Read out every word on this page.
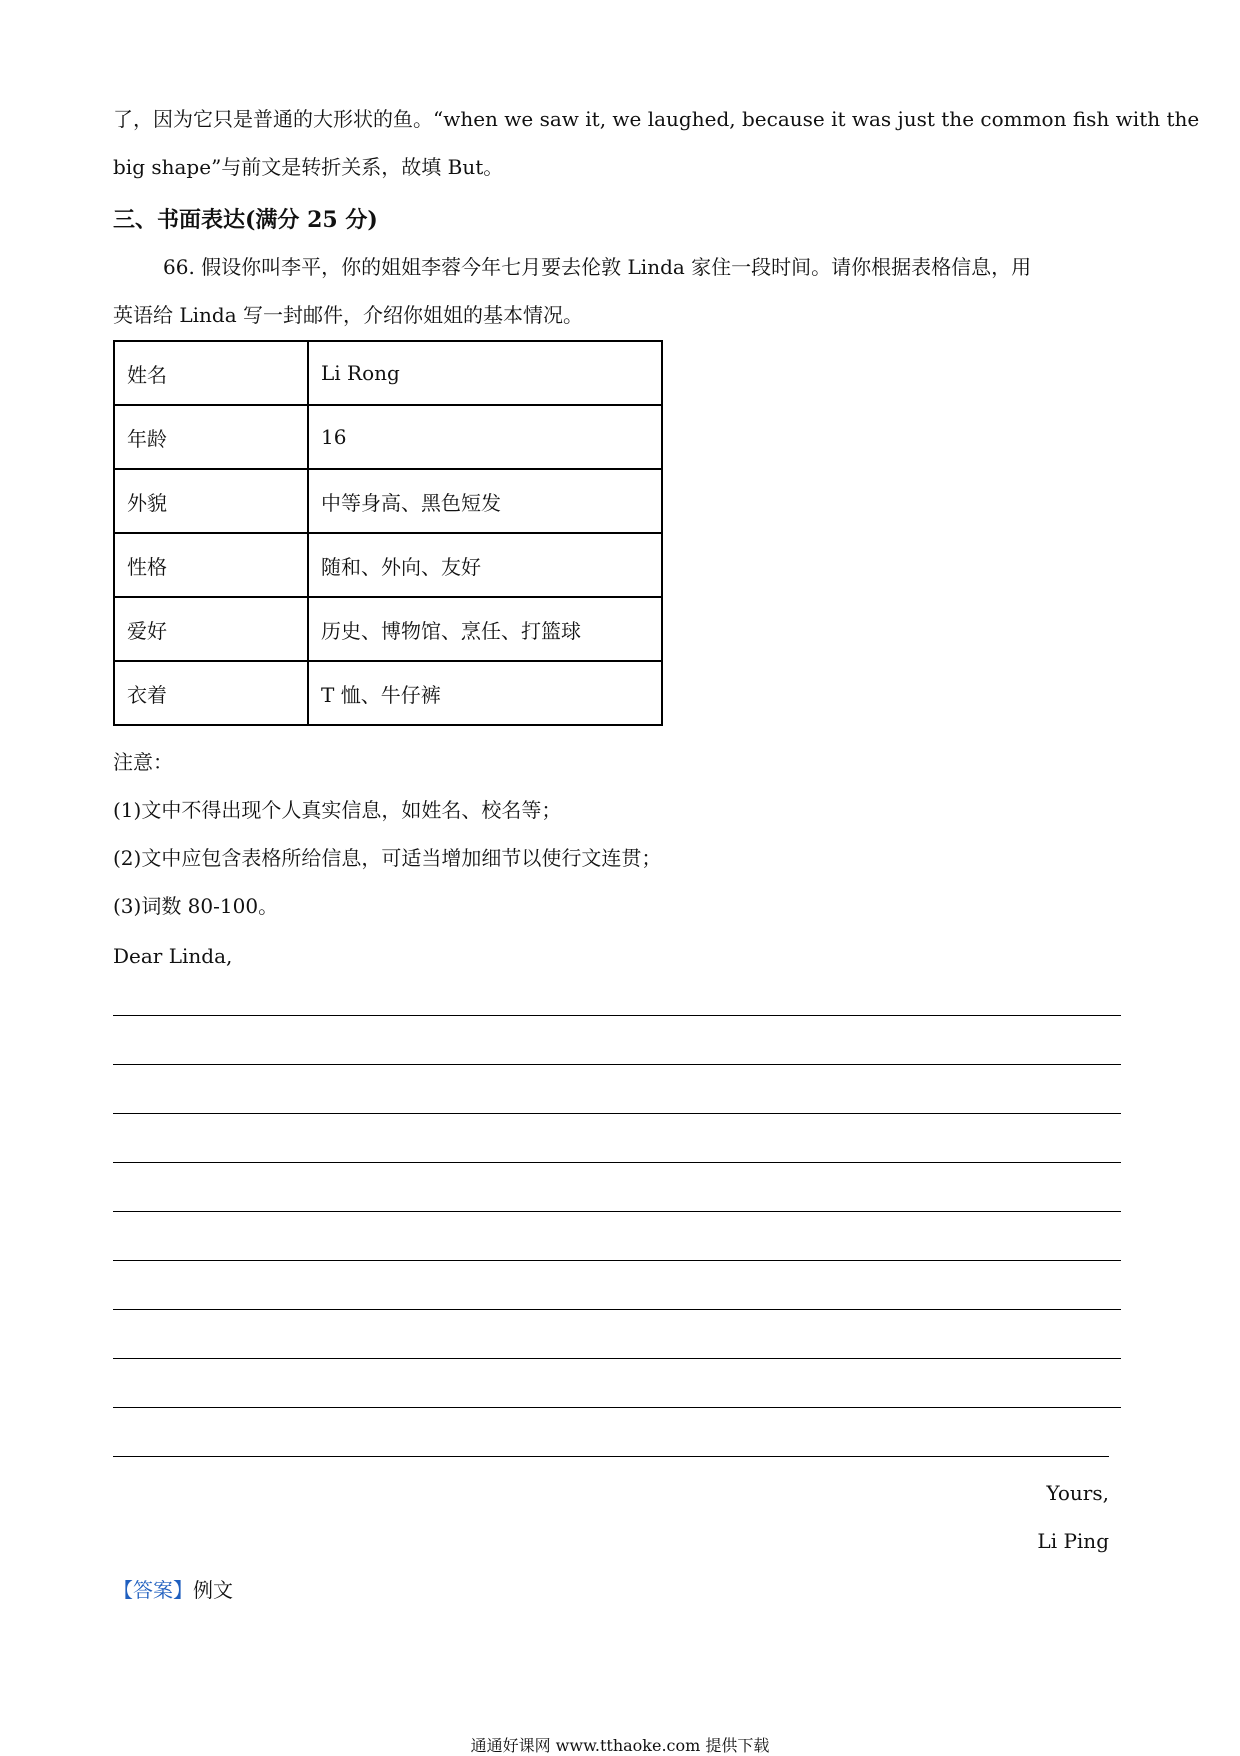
了，因为它只是普通的大形状的鱼。“when we saw it, we laughed, because it was just the common fish with the
big shape”与前文是转折关系，故填 But。
三、书面表达(满分 25 分)
66. 假设你叫李平，你的姐姐李蓉今年七月要去伦敦 Linda 家住一段时间。请你根据表格信息，用
英语给 Linda 写一封邮件，介绍你姐姐的基本情况。
姓名	Li Rong
年龄	16
外貌	中等身高、黑色短发
性格	随和、外向、友好
爱好	历史、博物馆、烹任、打篮球
衣着	T 恤、牛仔裤
注意：
(1)文中不得出现个人真实信息，如姓名、校名等；
(2)文中应包含表格所给信息，可适当增加细节以使行文连贯；
(3)词数 80-100。
Dear Linda,
Yours,
Li Ping
【答案】例文
通通好课网 www.tthaoke.com 提供下载
